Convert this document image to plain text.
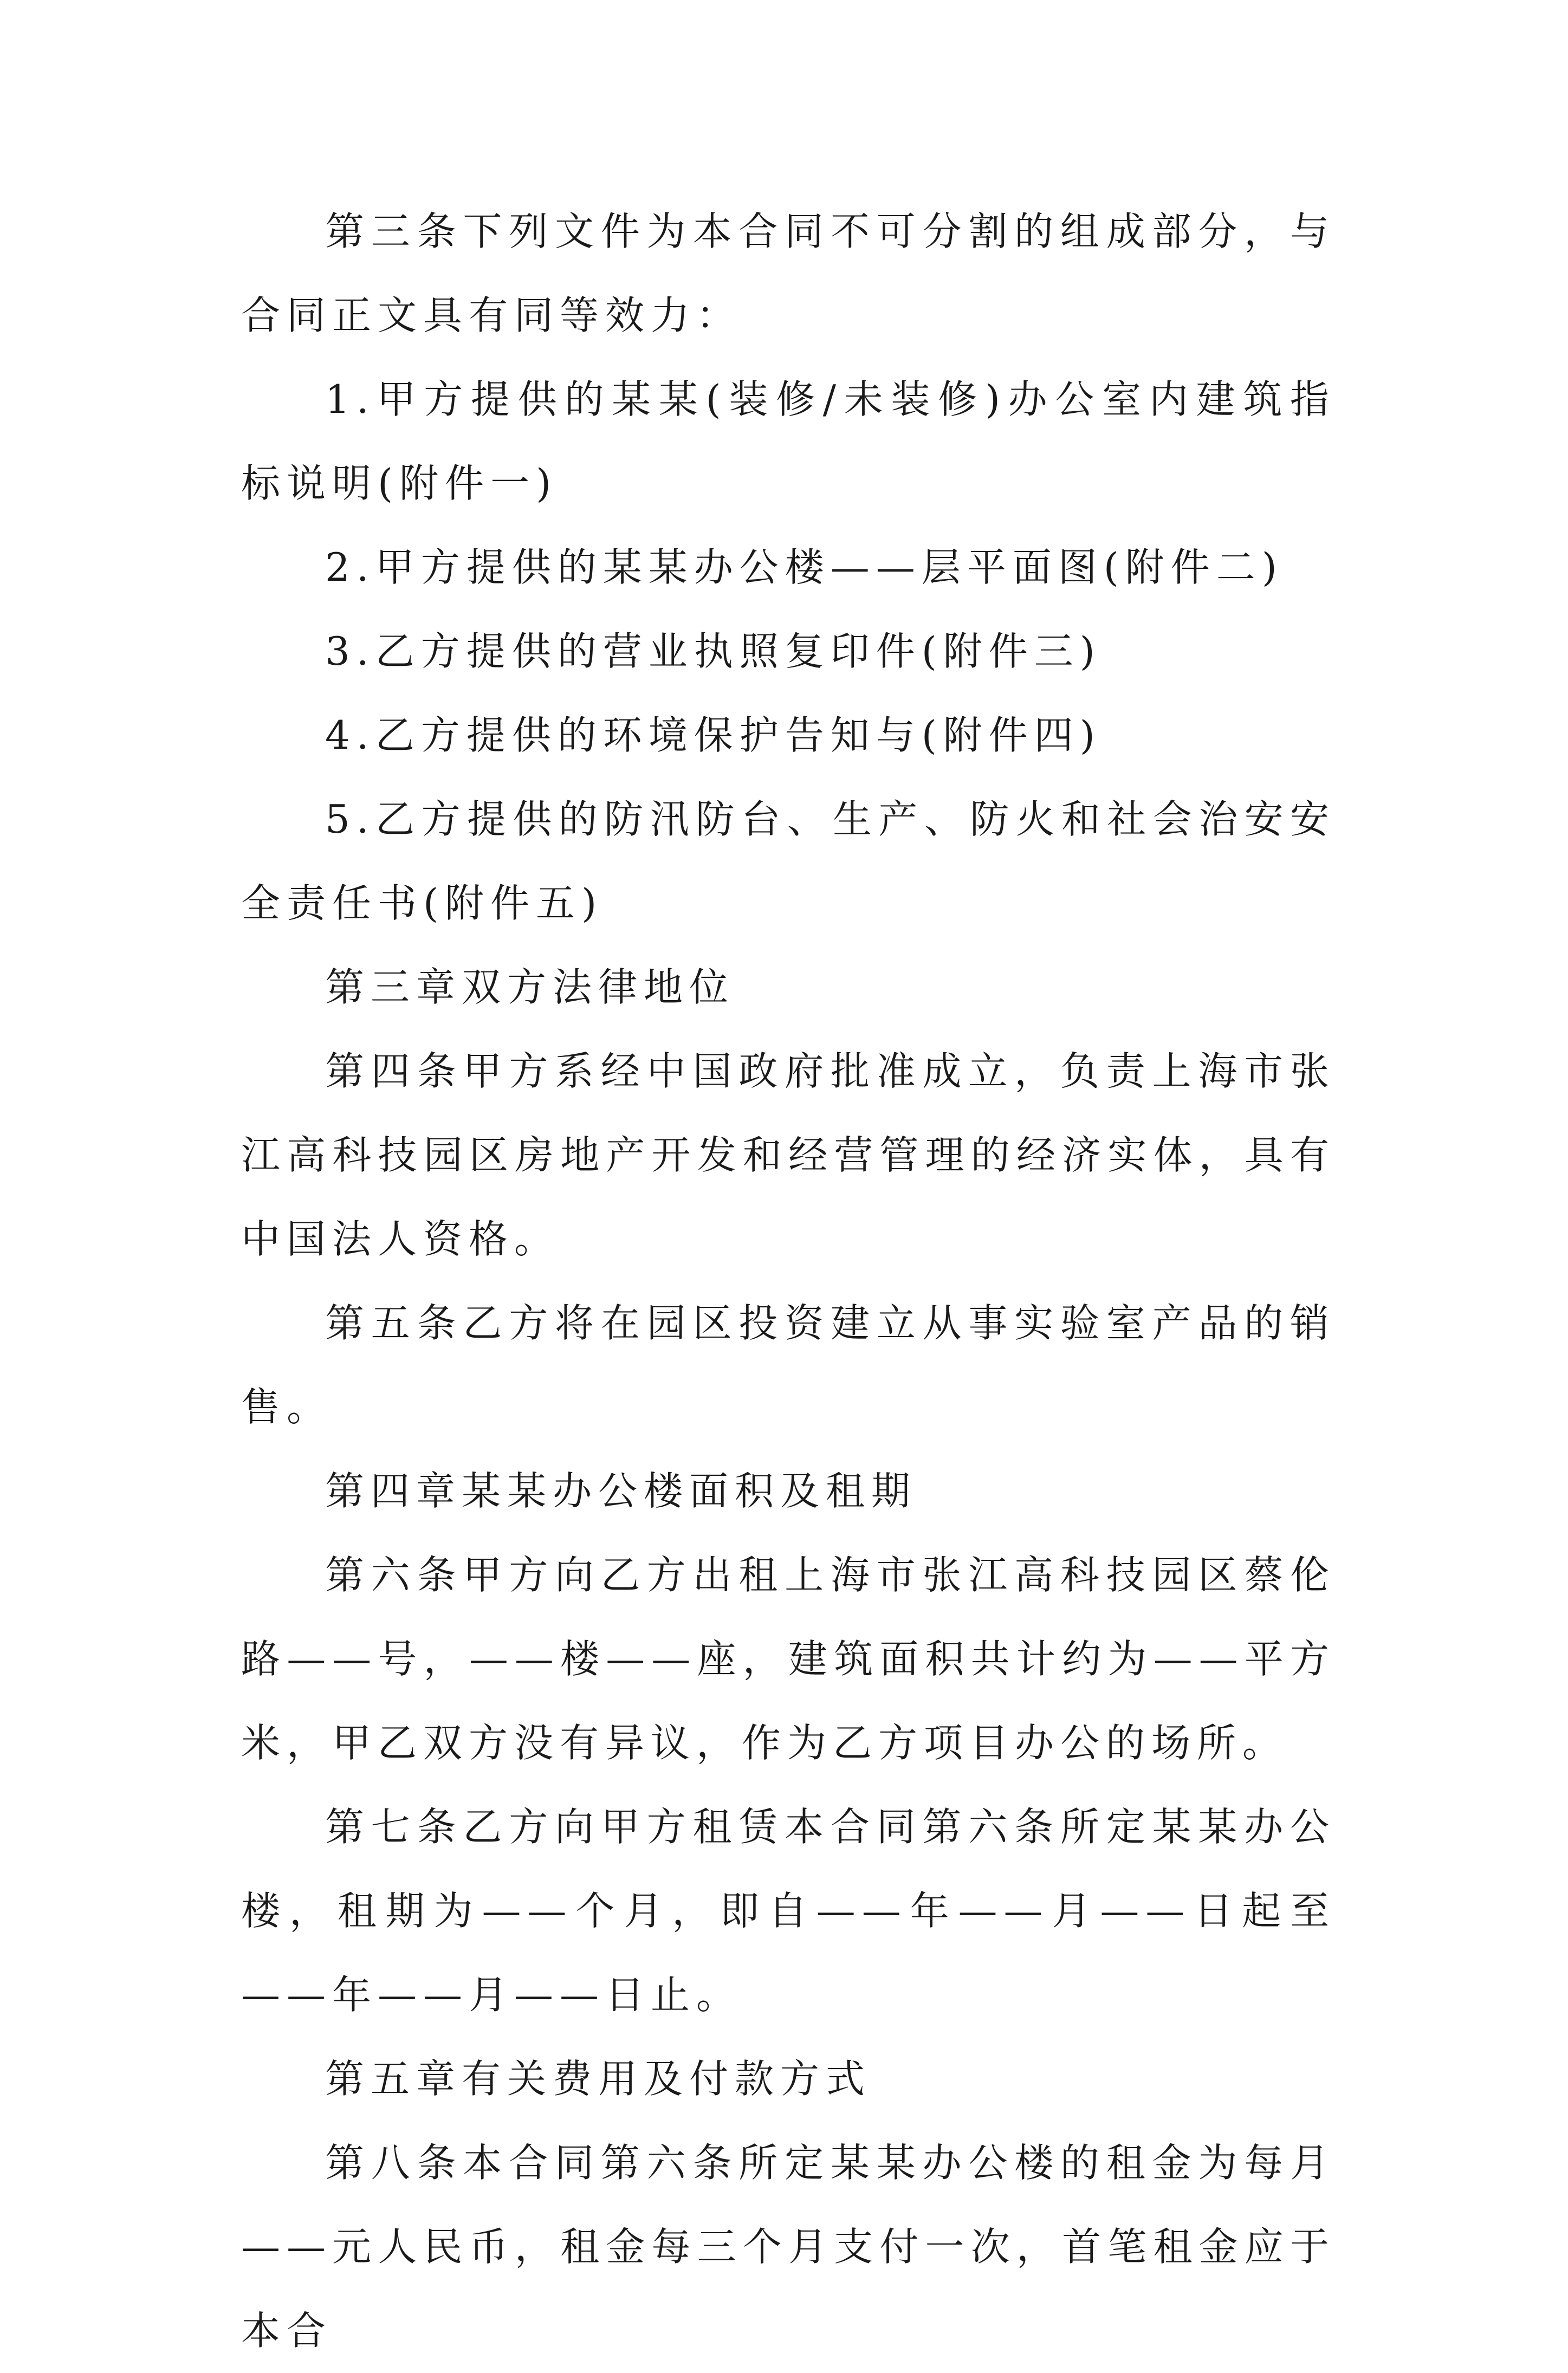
第三条下列文件为本合同不可分割的组成部分，与合同正文具有同等效力：

1.甲方提供的某某(装修/未装修)办公室内建筑指标说明(附件一)

2.甲方提供的某某办公楼——层平面图(附件二)

3.乙方提供的营业执照复印件(附件三)

4.乙方提供的环境保护告知与(附件四)

5.乙方提供的防汛防台、生产、防火和社会治安安全责任书(附件五)

第三章双方法律地位

第四条甲方系经中国政府批准成立，负责上海市张江高科技园区房地产开发和经营管理的经济实体，具有中国法人资格。

第五条乙方将在园区投资建立从事实验室产品的销售。

第四章某某办公楼面积及租期

第六条甲方向乙方出租上海市张江高科技园区蔡伦路——号，——楼——座，建筑面积共计约为——平方米，甲乙双方没有异议，作为乙方项目办公的场所。

第七条乙方向甲方租赁本合同第六条所定某某办公楼，租期为——个月，即自——年——月——日起至——年——月——日止。

第五章有关费用及付款方式

第八条本合同第六条所定某某办公楼的租金为每月——元人民币，租金每三个月支付一次，首笔租金应于本合
